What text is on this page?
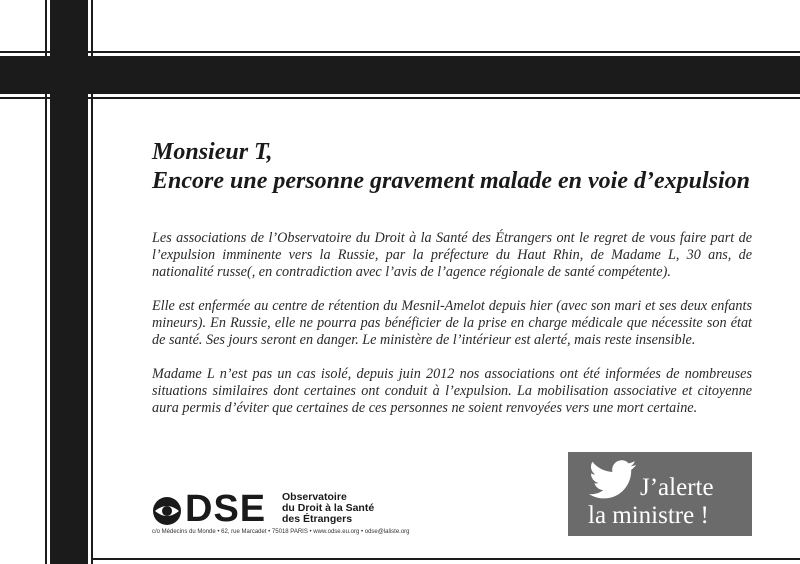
Monsieur T,
Encore une personne gravement malade en voie d’expulsion

Les associations de l’Observatoire du Droit à la Santé des Étrangers ont le regret de vous faire part de l’expulsion imminente vers la Russie, par la préfecture du Haut Rhin, de Madame L, 30 ans, de nationalité russe(, en contradiction avec l’avis de l’agence régionale de santé compétente).

Elle est enfermée au centre de rétention du Mesnil-Amelot depuis hier (avec son mari et ses deux enfants mineurs). En Russie, elle ne pourra pas bénéficier de la prise en charge médicale que nécessite son état de santé. Ses jours seront en danger. Le ministère de l’intérieur est alerté, mais reste insensible.

Madame L n’est pas un cas isolé, depuis juin 2012 nos associations ont été informées de nombreuses situations similaires dont certaines ont conduit à l’expulsion. La mobilisation associative et citoyenne aura permis d’éviter que certaines de ces personnes ne soient renvoyées vers une mort certaine.

DSE Observatoire
du Droit à la Santé
des Étrangers
c/o Médecins du Monde • 62, rue Marcadet • 75018 PARIS • www.odse.eu.org • odse@laliste.org
J’alerte
la ministre !
